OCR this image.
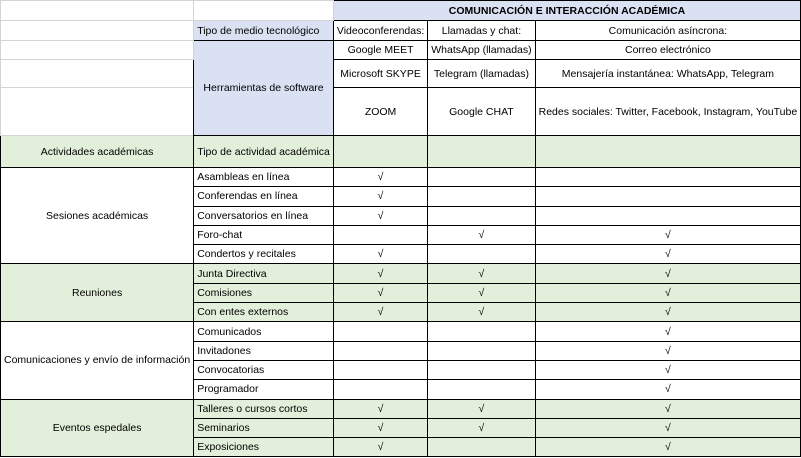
		COMUNICACIÓN E INTERACCIÓN ACADÉMICA		
	Tipo de medio tecnológico	Videoconferendas:	Llamadas y chat:	Comunicación asíncrona:
	Herramientas de software	Google MEET	WhatsApp (llamadas)	Correo electrónico
		Microsoft SKYPE	Telegram (llamadas)	Mensajería instantánea: WhatsApp, Telegram
		ZOOM	Google CHAT	Redes sociales: Twitter, Facebook, Instagram, YouTube
Actividades académicas	Tipo de actividad académica			
Sesiones académicas	Asambleas en línea	√		
	Conferendas en línea	√		
	Conversatorios en línea	√		
	Foro-chat		√	√
	Condertos y recitales	√		√
Reuniones	Junta Directiva	√	√	√
	Comisiones	√	√	√
	Con entes externos	√	√	√
Comunicaciones y envío de información	Comunicados			√
	Invitadones			√
	Convocatorias			√
	Programador			√
Eventos espedales	Talleres o cursos cortos	√	√	√
	Seminarios	√	√	√
	Exposiciones	√		√
